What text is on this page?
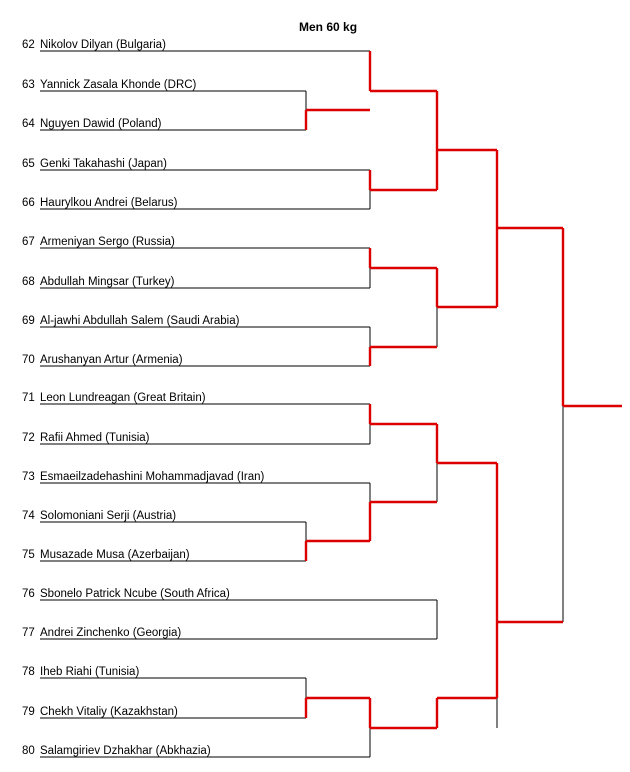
Men 60 kg
62 Nikolov Dilyan (Bulgaria)
63 Yannick Zasala Khonde (DRC)
64 Nguyen Dawid (Poland)
65 Genki Takahashi (Japan)
66 Haurylkou Andrei (Belarus)
67 Armeniyan Sergo (Russia)
68 Abdullah Mingsar (Turkey)
69 Al-jawhi Abdullah Salem (Saudi Arabia)
70 Arushanyan Artur (Armenia)
71 Leon Lundreagan (Great Britain)
72 Rafii Ahmed (Tunisia)
73 Esmaeilzadehashini Mohammadjavad (Iran)
74 Solomoniani Serji (Austria)
75 Musazade Musa (Azerbaijan)
76 Sbonelo Patrick Ncube (South Africa)
77 Andrei Zinchenko (Georgia)
78 Iheb Riahi (Tunisia)
79 Chekh Vitaliy (Kazakhstan)
80 Salamgiriev Dzhakhar (Abkhazia)
